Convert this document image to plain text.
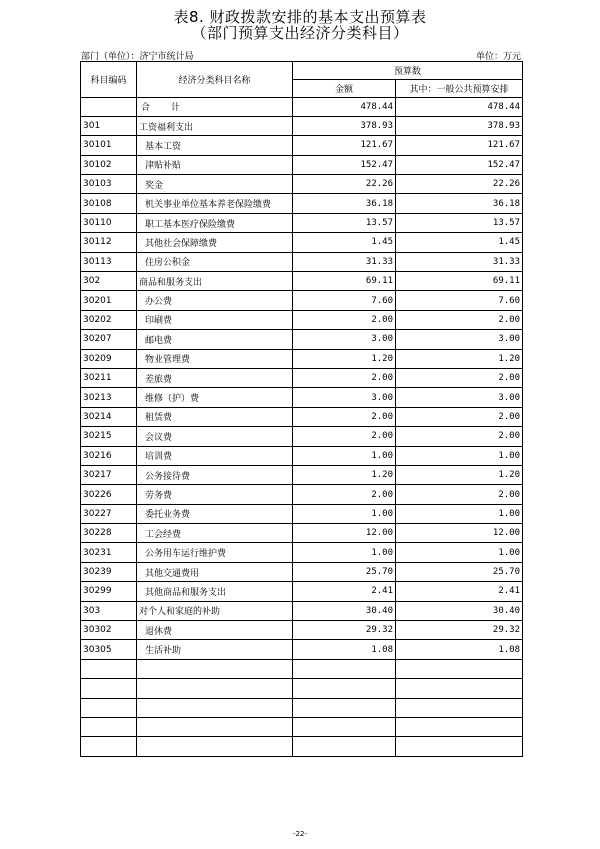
表8. 财政拨款安排的基本支出预算表
（部门预算支出经济分类科目）
部门（单位）：济宁市统计局	单位：万元
科目编码	经济分类科目名称	预算数	
		金额	其中：一般公共预算安排
	合　计	478.44	478.44
301	工资福利支出	378.93	378.93
30101	基本工资	121.67	121.67
30102	津贴补贴	152.47	152.47
30103	奖金	22.26	22.26
30108	机关事业单位基本养老保险缴费	36.18	36.18
30110	职工基本医疗保险缴费	13.57	13.57
30112	其他社会保障缴费	1.45	1.45
30113	住房公积金	31.33	31.33
302	商品和服务支出	69.11	69.11
30201	办公费	7.60	7.60
30202	印刷费	2.00	2.00
30207	邮电费	3.00	3.00
30209	物业管理费	1.20	1.20
30211	差旅费	2.00	2.00
30213	维修（护）费	3.00	3.00
30214	租赁费	2.00	2.00
30215	会议费	2.00	2.00
30216	培训费	1.00	1.00
30217	公务接待费	1.20	1.20
30226	劳务费	2.00	2.00
30227	委托业务费	1.00	1.00
30228	工会经费	12.00	12.00
30231	公务用车运行维护费	1.00	1.00
30239	其他交通费用	25.70	25.70
30299	其他商品和服务支出	2.41	2.41
303	对个人和家庭的补助	30.40	30.40
30302	退休费	29.32	29.32
30305	生活补助	1.08	1.08

-22-
